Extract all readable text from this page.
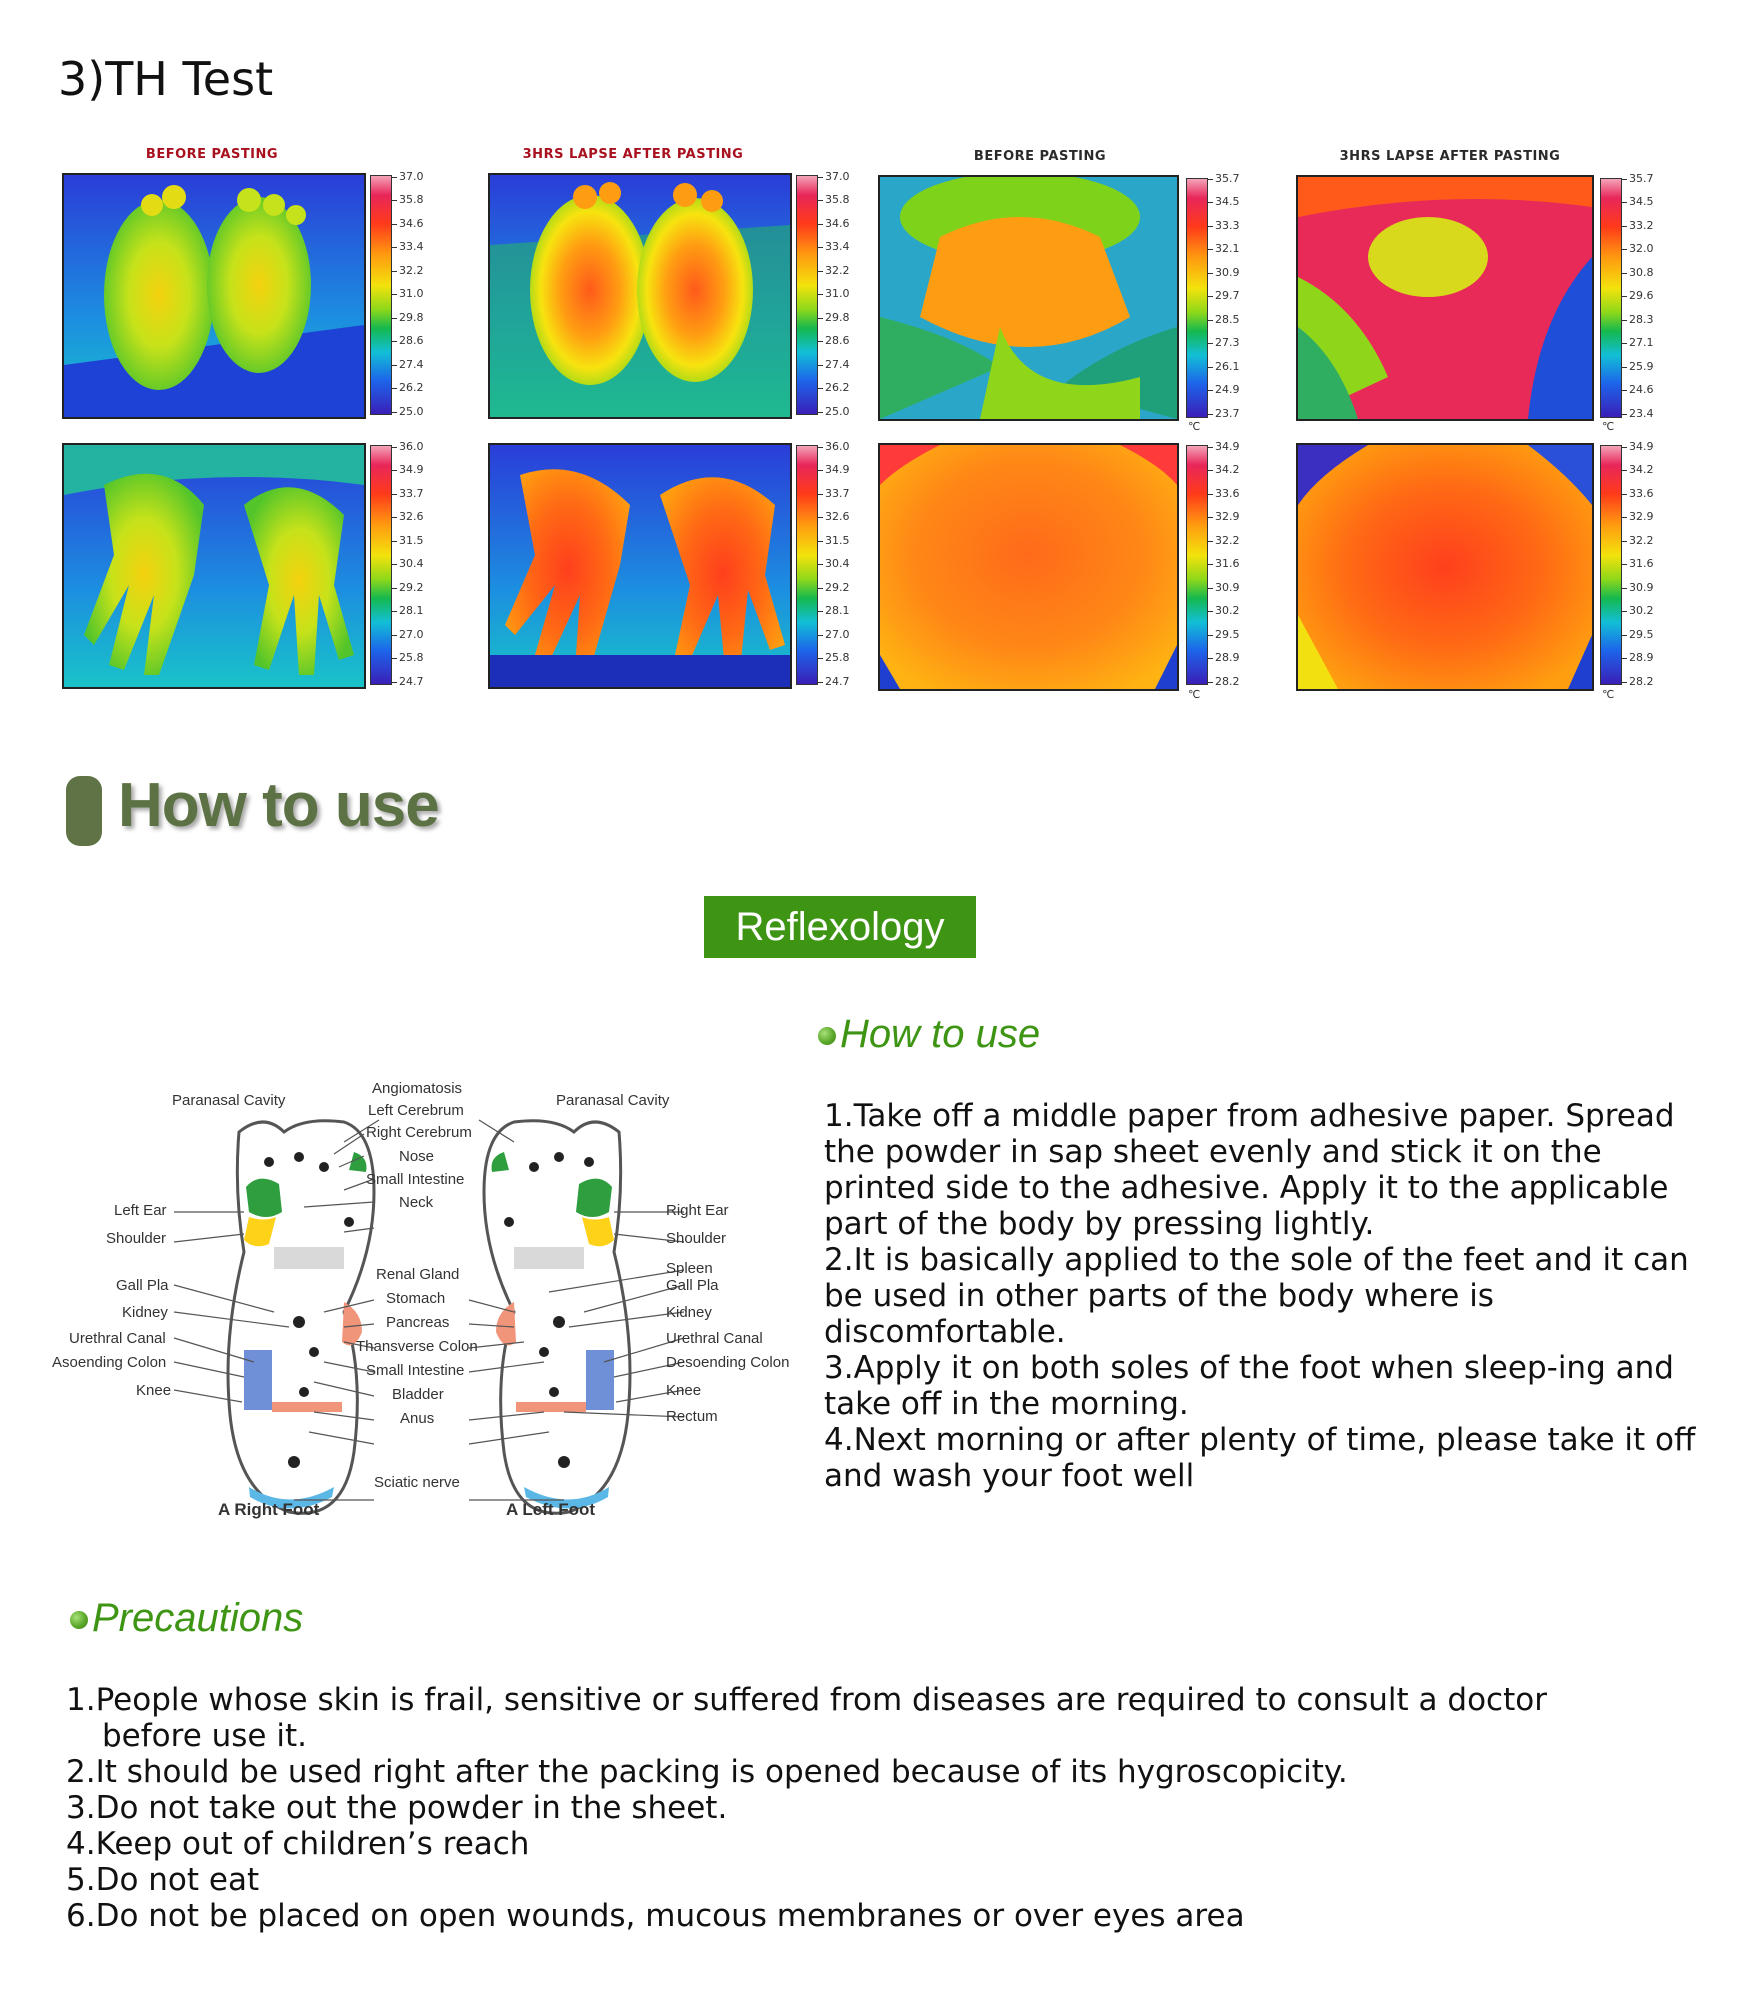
3)TH Test
BEFORE PASTING
37.0
35.8
34.6
33.4
32.2
31.0
29.8
28.6
27.4
26.2
25.0
3HRS LAPSE AFTER PASTING
37.0
35.8
34.6
33.4
32.2
31.0
29.8
28.6
27.4
26.2
25.0
BEFORE PASTING
35.7
34.5
33.3
32.1
30.9
29.7
28.5
27.3
26.1
24.9
23.7
℃
3HRS LAPSE AFTER PASTING
35.7
34.5
33.2
32.0
30.8
29.6
28.3
27.1
25.9
24.6
23.4
℃
36.0
34.9
33.7
32.6
31.5
30.4
29.2
28.1
27.0
25.8
24.7
36.0
34.9
33.7
32.6
31.5
30.4
29.2
28.1
27.0
25.8
24.7
34.9
34.2
33.6
32.9
32.2
31.6
30.9
30.2
29.5
28.9
28.2
℃
34.9
34.2
33.6
32.9
32.2
31.6
30.9
30.2
29.5
28.9
28.2
℃
How to use
Reflexology
Paranasal Cavity
Left Ear
Shoulder
Gall Pla
Kidney
Urethral Canal
Asoending Colon
Knee
Angiomatosis
Left Cerebrum
Right Cerebrum
Nose
Small Intestine
Neck
Renal Gland
Stomach
Pancreas
Thansverse Colon
Small Intestine
Bladder
Anus
Sciatic nerve
Paranasal Cavity
Right Ear
Shoulder
Spleen
Gall Pla
Kidney
Urethral Canal
Desoending Colon
Knee
Rectum
A Right Foot	A Left Foot
How to use

1.Take off a middle paper from adhesive paper. Spread the powder in sap sheet evenly and stick it on the printed side to the adhesive. Apply it to the applicable part of the body by pressing lightly.

2.It is basically applied to the sole of the feet and it can be used in other parts of the body where is discomfortable.

3.Apply it on both soles of the foot when sleep-ing and take off in the morning.

4.Next morning or after plenty of time, please take it off and wash your foot well

Precautions

1.People whose skin is frail, sensitive or suffered from diseases are required to consult a doctor

before use it.

2.It should be used right after the packing is opened because of its hygroscopicity.

3.Do not take out the powder in the sheet.

4.Keep out of children’s reach

5.Do not eat

6.Do not be placed on open wounds, mucous membranes or over eyes area
